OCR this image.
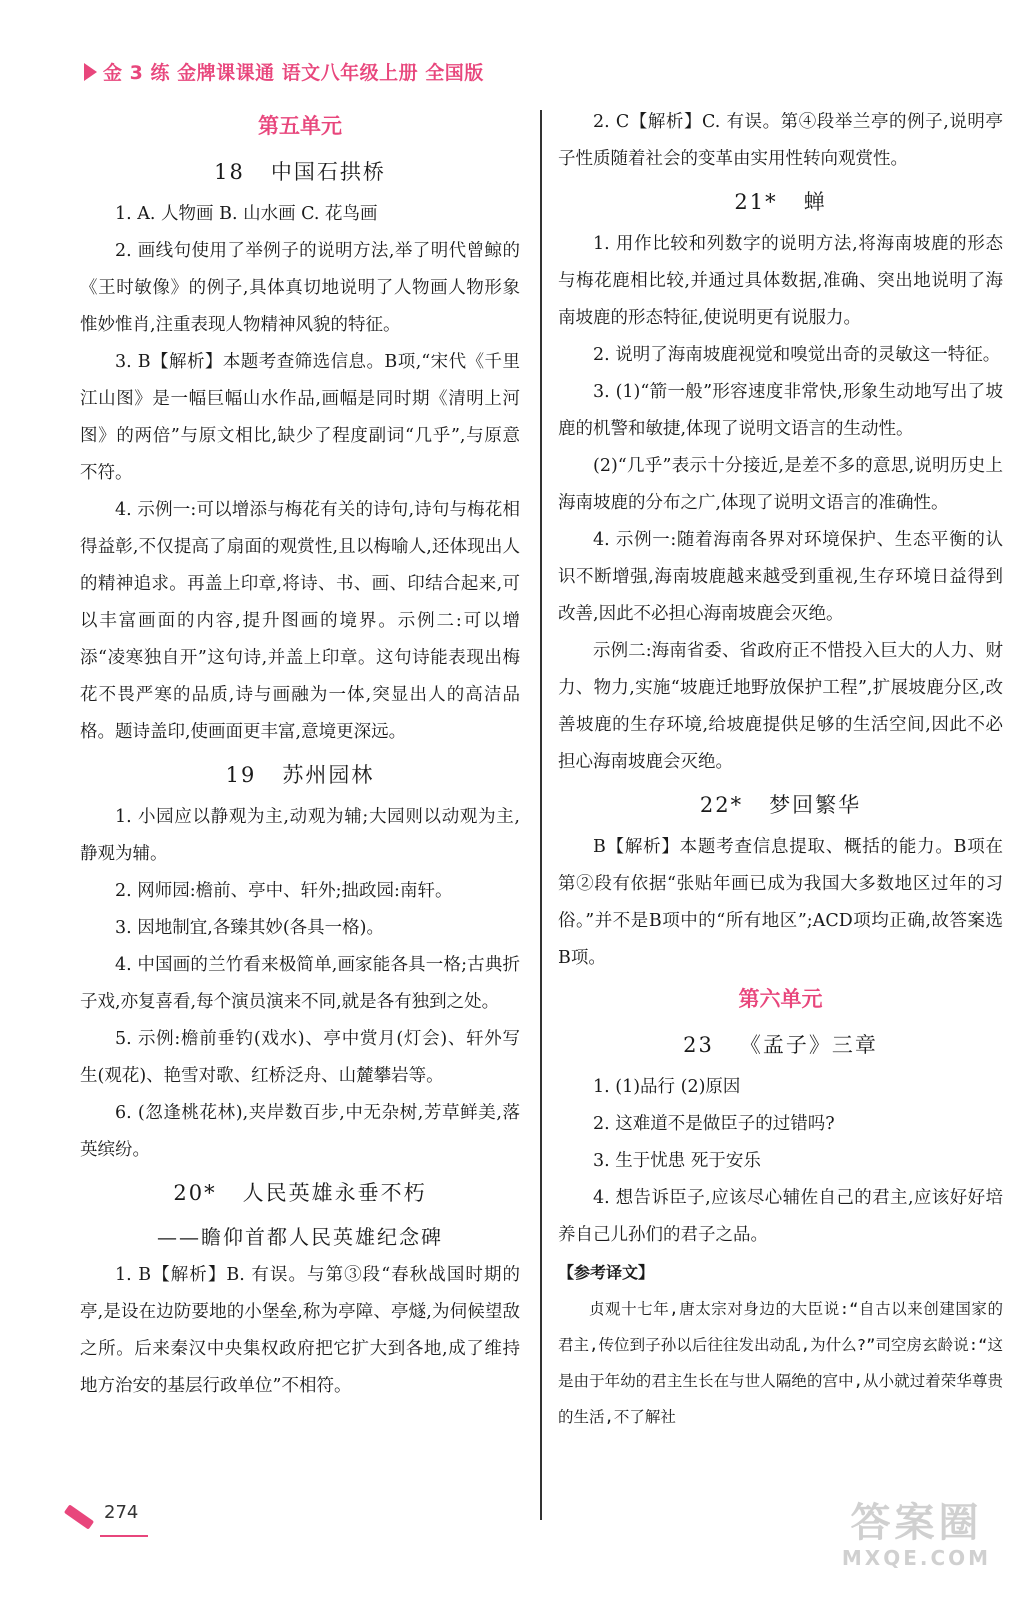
金 3 练 金牌课课通 语文八年级上册 全国版
第五单元
18 中国石拱桥

1. A. 人物画 B. 山水画 C. 花鸟画

2. 画线句使用了举例子的说明方法,举了明代曾鲸的《王时敏像》的例子,具体真切地说明了人物画人物形象惟妙惟肖,注重表现人物精神风貌的特征。

3. B【解析】本题考查筛选信息。B项,“宋代《千里江山图》是一幅巨幅山水作品,画幅是同时期《清明上河图》的两倍”与原文相比,缺少了程度副词“几乎”,与原意不符。

4. 示例一:可以增添与梅花有关的诗句,诗句与梅花相得益彰,不仅提高了扇面的观赏性,且以梅喻人,还体现出人的精神追求。再盖上印章,将诗、书、画、印结合起来,可以丰富画面的内容,提升图画的境界。示例二:可以增添“凌寒独自开”这句诗,并盖上印章。这句诗能表现出梅花不畏严寒的品质,诗与画融为一体,突显出人的高洁品格。题诗盖印,使画面更丰富,意境更深远。

19 苏州园林

1. 小园应以静观为主,动观为辅;大园则以动观为主,静观为辅。

2. 网师园:檐前、亭中、轩外;拙政园:南轩。

3. 因地制宜,各臻其妙(各具一格)。

4. 中国画的兰竹看来极简单,画家能各具一格;古典折子戏,亦复喜看,每个演员演来不同,就是各有独到之处。

5. 示例:檐前垂钓(戏水)、亭中赏月(灯会)、轩外写生(观花)、艳雪对歌、红桥泛舟、山麓攀岩等。

6. (忽逢桃花林),夹岸数百步,中无杂树,芳草鲜美,落英缤纷。

20* 人民英雄永垂不朽
——瞻仰首都人民英雄纪念碑

1. B【解析】B. 有误。与第③段“春秋战国时期的亭,是设在边防要地的小堡垒,称为亭障、亭燧,为伺候望敌之所。后来秦汉中央集权政府把它扩大到各地,成了维持地方治安的基层行政单位”不相符。

2. C【解析】C. 有误。第④段举兰亭的例子,说明亭子性质随着社会的变革由实用性转向观赏性。

21* 蝉

1. 用作比较和列数字的说明方法,将海南坡鹿的形态与梅花鹿相比较,并通过具体数据,准确、突出地说明了海南坡鹿的形态特征,使说明更有说服力。

2. 说明了海南坡鹿视觉和嗅觉出奇的灵敏这一特征。

3. (1)“箭一般”形容速度非常快,形象生动地写出了坡鹿的机警和敏捷,体现了说明文语言的生动性。

(2)“几乎”表示十分接近,是差不多的意思,说明历史上海南坡鹿的分布之广,体现了说明文语言的准确性。

4. 示例一:随着海南各界对环境保护、生态平衡的认识不断增强,海南坡鹿越来越受到重视,生存环境日益得到改善,因此不必担心海南坡鹿会灭绝。

示例二:海南省委、省政府正不惜投入巨大的人力、财力、物力,实施“坡鹿迁地野放保护工程”,扩展坡鹿分区,改善坡鹿的生存环境,给坡鹿提供足够的生活空间,因此不必担心海南坡鹿会灭绝。

22* 梦回繁华

B【解析】本题考查信息提取、概括的能力。B项在第②段有依据“张贴年画已成为我国大多数地区过年的习俗。”并不是B项中的“所有地区”;ACD项均正确,故答案选B项。

第六单元
23 《孟子》三章

1. (1)品行 (2)原因

2. 这难道不是做臣子的过错吗?

3. 生于忧患 死于安乐

4. 想告诉臣子,应该尽心辅佐自己的君主,应该好好培养自己儿孙们的君子之品。

【参考译文】

贞观十七年,唐太宗对身边的大臣说:“自古以来创建国家的君主,传位到子孙以后往往发出动乱,为什么?”司空房玄龄说:“这是由于年幼的君主生长在与世人隔绝的宫中,从小就过着荣华尊贵的生活,不了解社

274	答案圈
MXQE.COM
